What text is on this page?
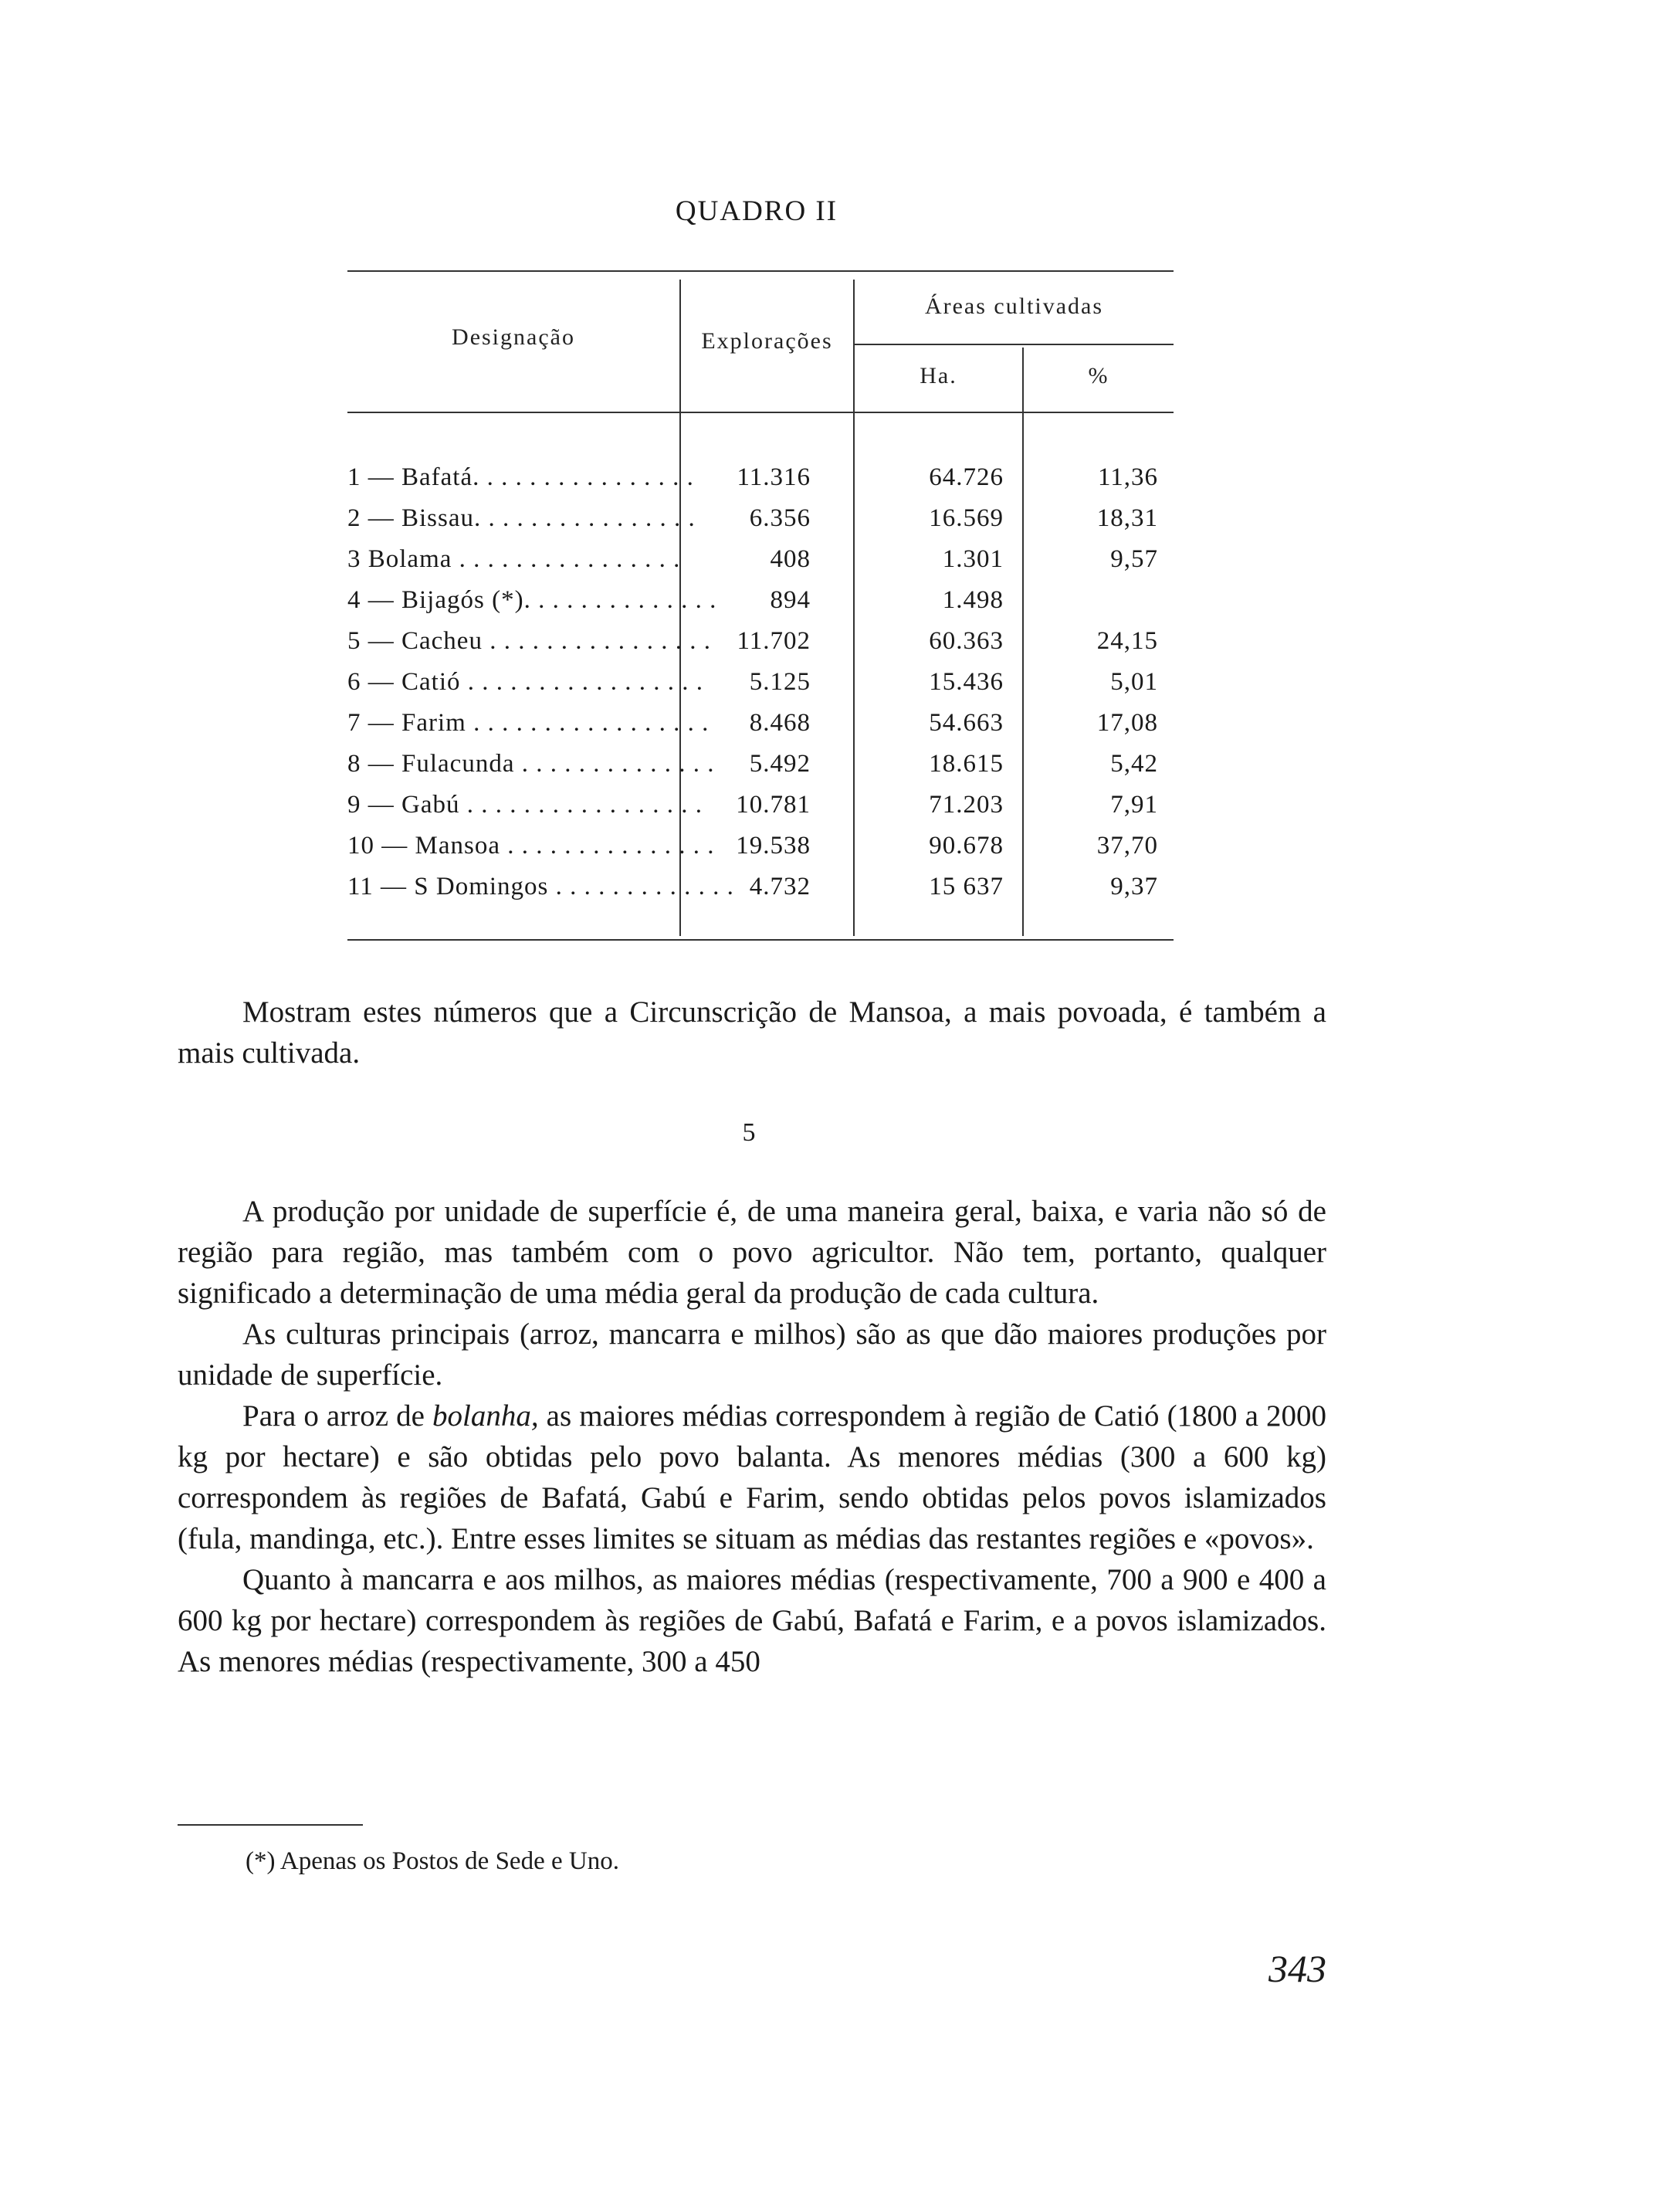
QUADRO II
Designação	Explorações
Áreas cultivadas
Ha.	%
1 — Bafatá. . . . . . . . . . . . . . . .	11.316	64.726	11,36
2 — Bissau. . . . . . . . . . . . . . . .	6.356	16.569	18,31
3 Bolama . . . . . . . . . . . . . . . .	408	1.301	9,57
4 — Bijagós (*). . . . . . . . . . . . . .	894	1.498
5 — Cacheu . . . . . . . . . . . . . . . .	11.702	60.363	24,15
6 — Catió . . . . . . . . . . . . . . . . .	5.125	15.436	5,01
7 — Farim . . . . . . . . . . . . . . . . .	8.468	54.663	17,08
8 — Fulacunda . . . . . . . . . . . . . .	5.492	18.615	5,42
9 — Gabú . . . . . . . . . . . . . . . . .	10.781	71.203	7,91
10 — Mansoa . . . . . . . . . . . . . . . 19.538	90.678	37,70
11 — S Domingos . . . . . . . . . . . . . 4.732	15 637	9,37

Mostram estes números que a Circunscrição de Mansoa, a mais povoada, é também a mais cultivada.

5

A produção por unidade de superfície é, de uma maneira geral, baixa, e varia não só de região para região, mas também com o povo agricultor. Não tem, portanto, qualquer significado a determinação de uma média geral da produção de cada cultura.

As culturas principais (arroz, mancarra e milhos) são as que dão maiores produções por unidade de superfície.

Para o arroz de bolanha, as maiores médias correspondem à região de Catió (1800 a 2000 kg por hectare) e são obtidas pelo povo balanta. As menores médias (300 a 600 kg) correspondem às regiões de Bafatá, Gabú e Farim, sendo obtidas pelos povos islamizados (fula, mandinga, etc.). Entre esses limites se situam as médias das restantes regiões e «povos».

Quanto à mancarra e aos milhos, as maiores médias (respectivamente, 700 a 900 e 400 a 600 kg por hectare) correspondem às regiões de Gabú, Bafatá e Farim, e a povos islamizados. As menores médias (respectivamente, 300 a 450

(*) Apenas os Postos de Sede e Uno.
343
